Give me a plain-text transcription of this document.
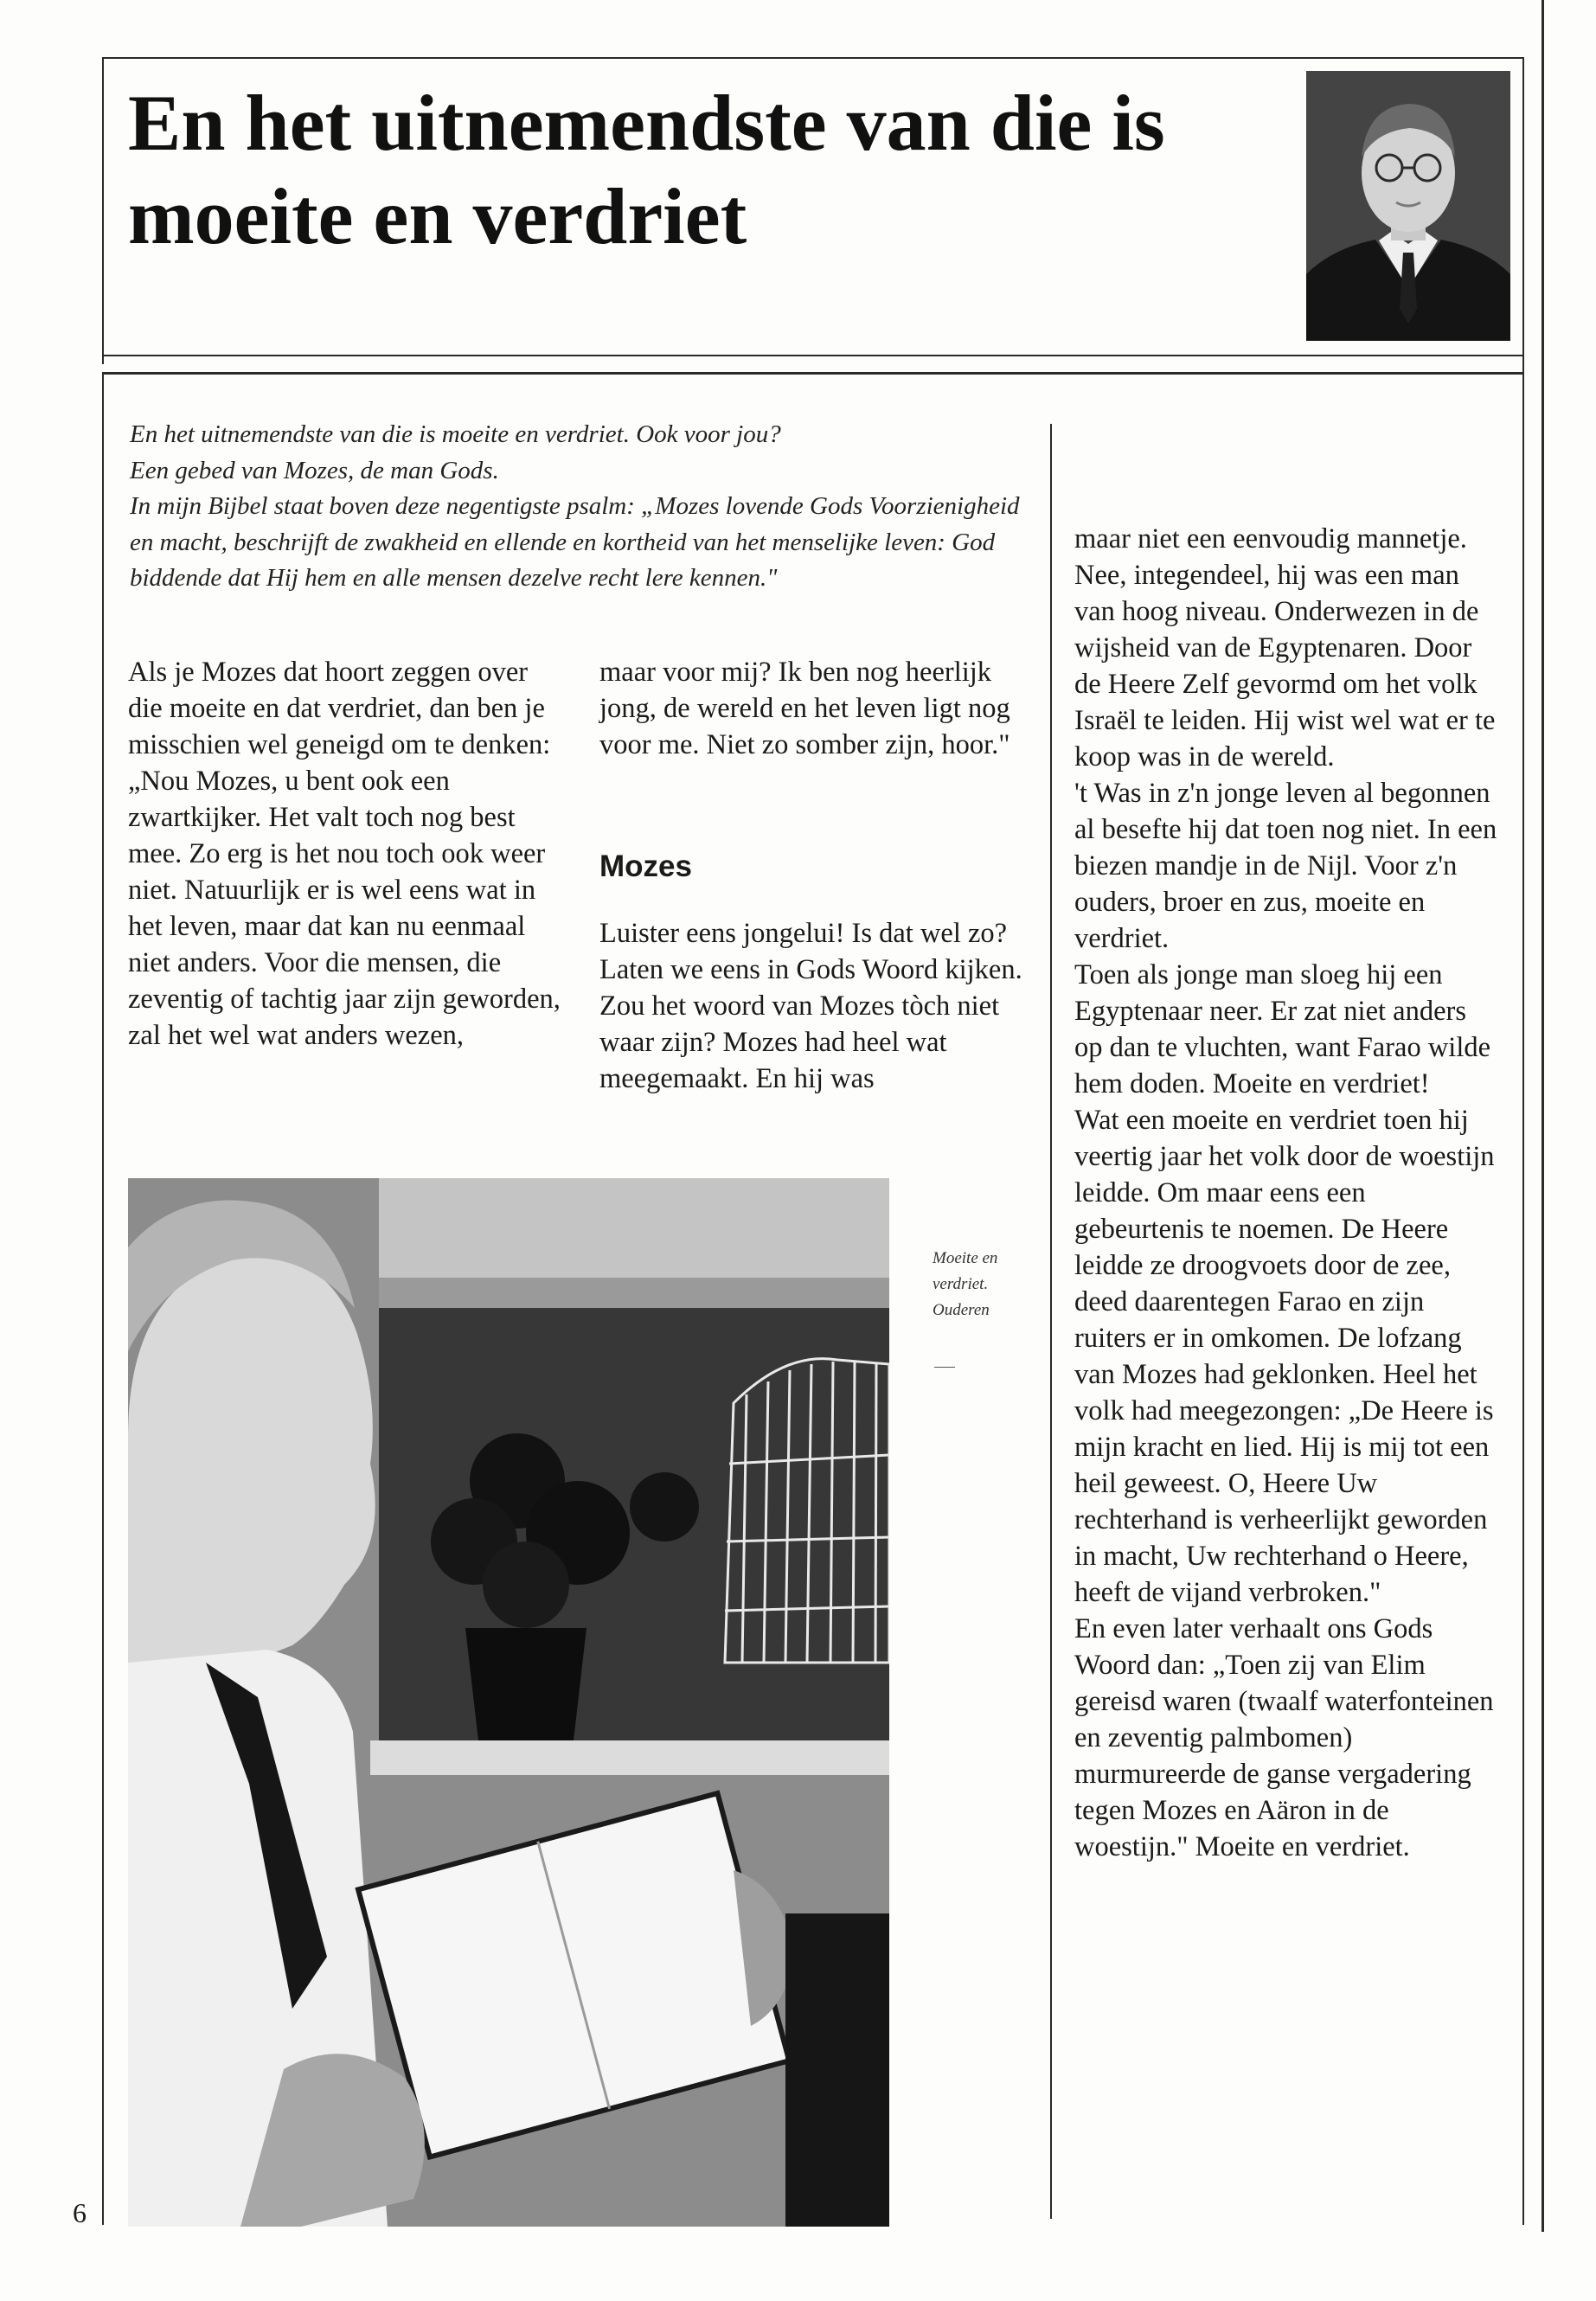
En het uitnemendste van die is moeite en verdriet
En het uitnemendste van die is moeite en verdriet. Ook voor jou?
Een gebed van Mozes, de man Gods.
In mijn Bijbel staat boven deze negentigste psalm: „Mozes lovende Gods Voorzienigheid en macht, beschrijft de zwakheid en ellende en kortheid van het menselijke leven: God biddende dat Hij hem en alle mensen dezelve recht lere kennen."

Als je Mozes dat hoort zeggen over die moeite en dat verdriet, dan ben je misschien wel geneigd om te denken: „Nou Mozes, u bent ook een zwartkijker. Het valt toch nog best mee. Zo erg is het nou toch ook weer niet. Natuurlijk er is wel eens wat in het leven, maar dat kan nu eenmaal niet anders. Voor die mensen, die zeventig of tachtig jaar zijn geworden, zal het wel wat anders wezen,

maar voor mij? Ik ben nog heerlijk jong, de wereld en het leven ligt nog voor me. Niet zo somber zijn, hoor."

Mozes

Luister eens jongelui! Is dat wel zo?

Laten we eens in Gods Woord kijken. Zou het woord van Mozes tòch niet waar zijn? Mozes had heel wat meegemaakt. En hij was

maar niet een eenvoudig mannetje. Nee, integendeel, hij was een man van hoog niveau. Onderwezen in de wijsheid van de Egyptenaren. Door de Heere Zelf gevormd om het volk Israël te leiden. Hij wist wel wat er te koop was in de wereld.

't Was in z'n jonge leven al begonnen al besefte hij dat toen nog niet. In een biezen mandje in de Nijl. Voor z'n ouders, broer en zus, moeite en verdriet.

Toen als jonge man sloeg hij een Egyptenaar neer. Er zat niet anders op dan te vluchten, want Farao wilde hem doden. Moeite en verdriet!

Wat een moeite en verdriet toen hij veertig jaar het volk door de woestijn leidde. Om maar eens een gebeurtenis te noemen. De Heere leidde ze droogvoets door de zee, deed daarentegen Farao en zijn ruiters er in omkomen. De lofzang van Mozes had geklonken. Heel het volk had meegezongen: „De Heere is mijn kracht en lied. Hij is mij tot een heil geweest. O, Heere Uw rechterhand is verheerlijkt geworden in macht, Uw rechterhand o Heere, heeft de vijand verbroken."

En even later verhaalt ons Gods Woord dan: „Toen zij van Elim gereisd waren (twaalf waterfonteinen en zeventig palmbomen) murmureerde de ganse vergadering tegen Mozes en Aäron in de woestijn." Moeite en verdriet.

Moeite en verdriet. Ouderen

6
